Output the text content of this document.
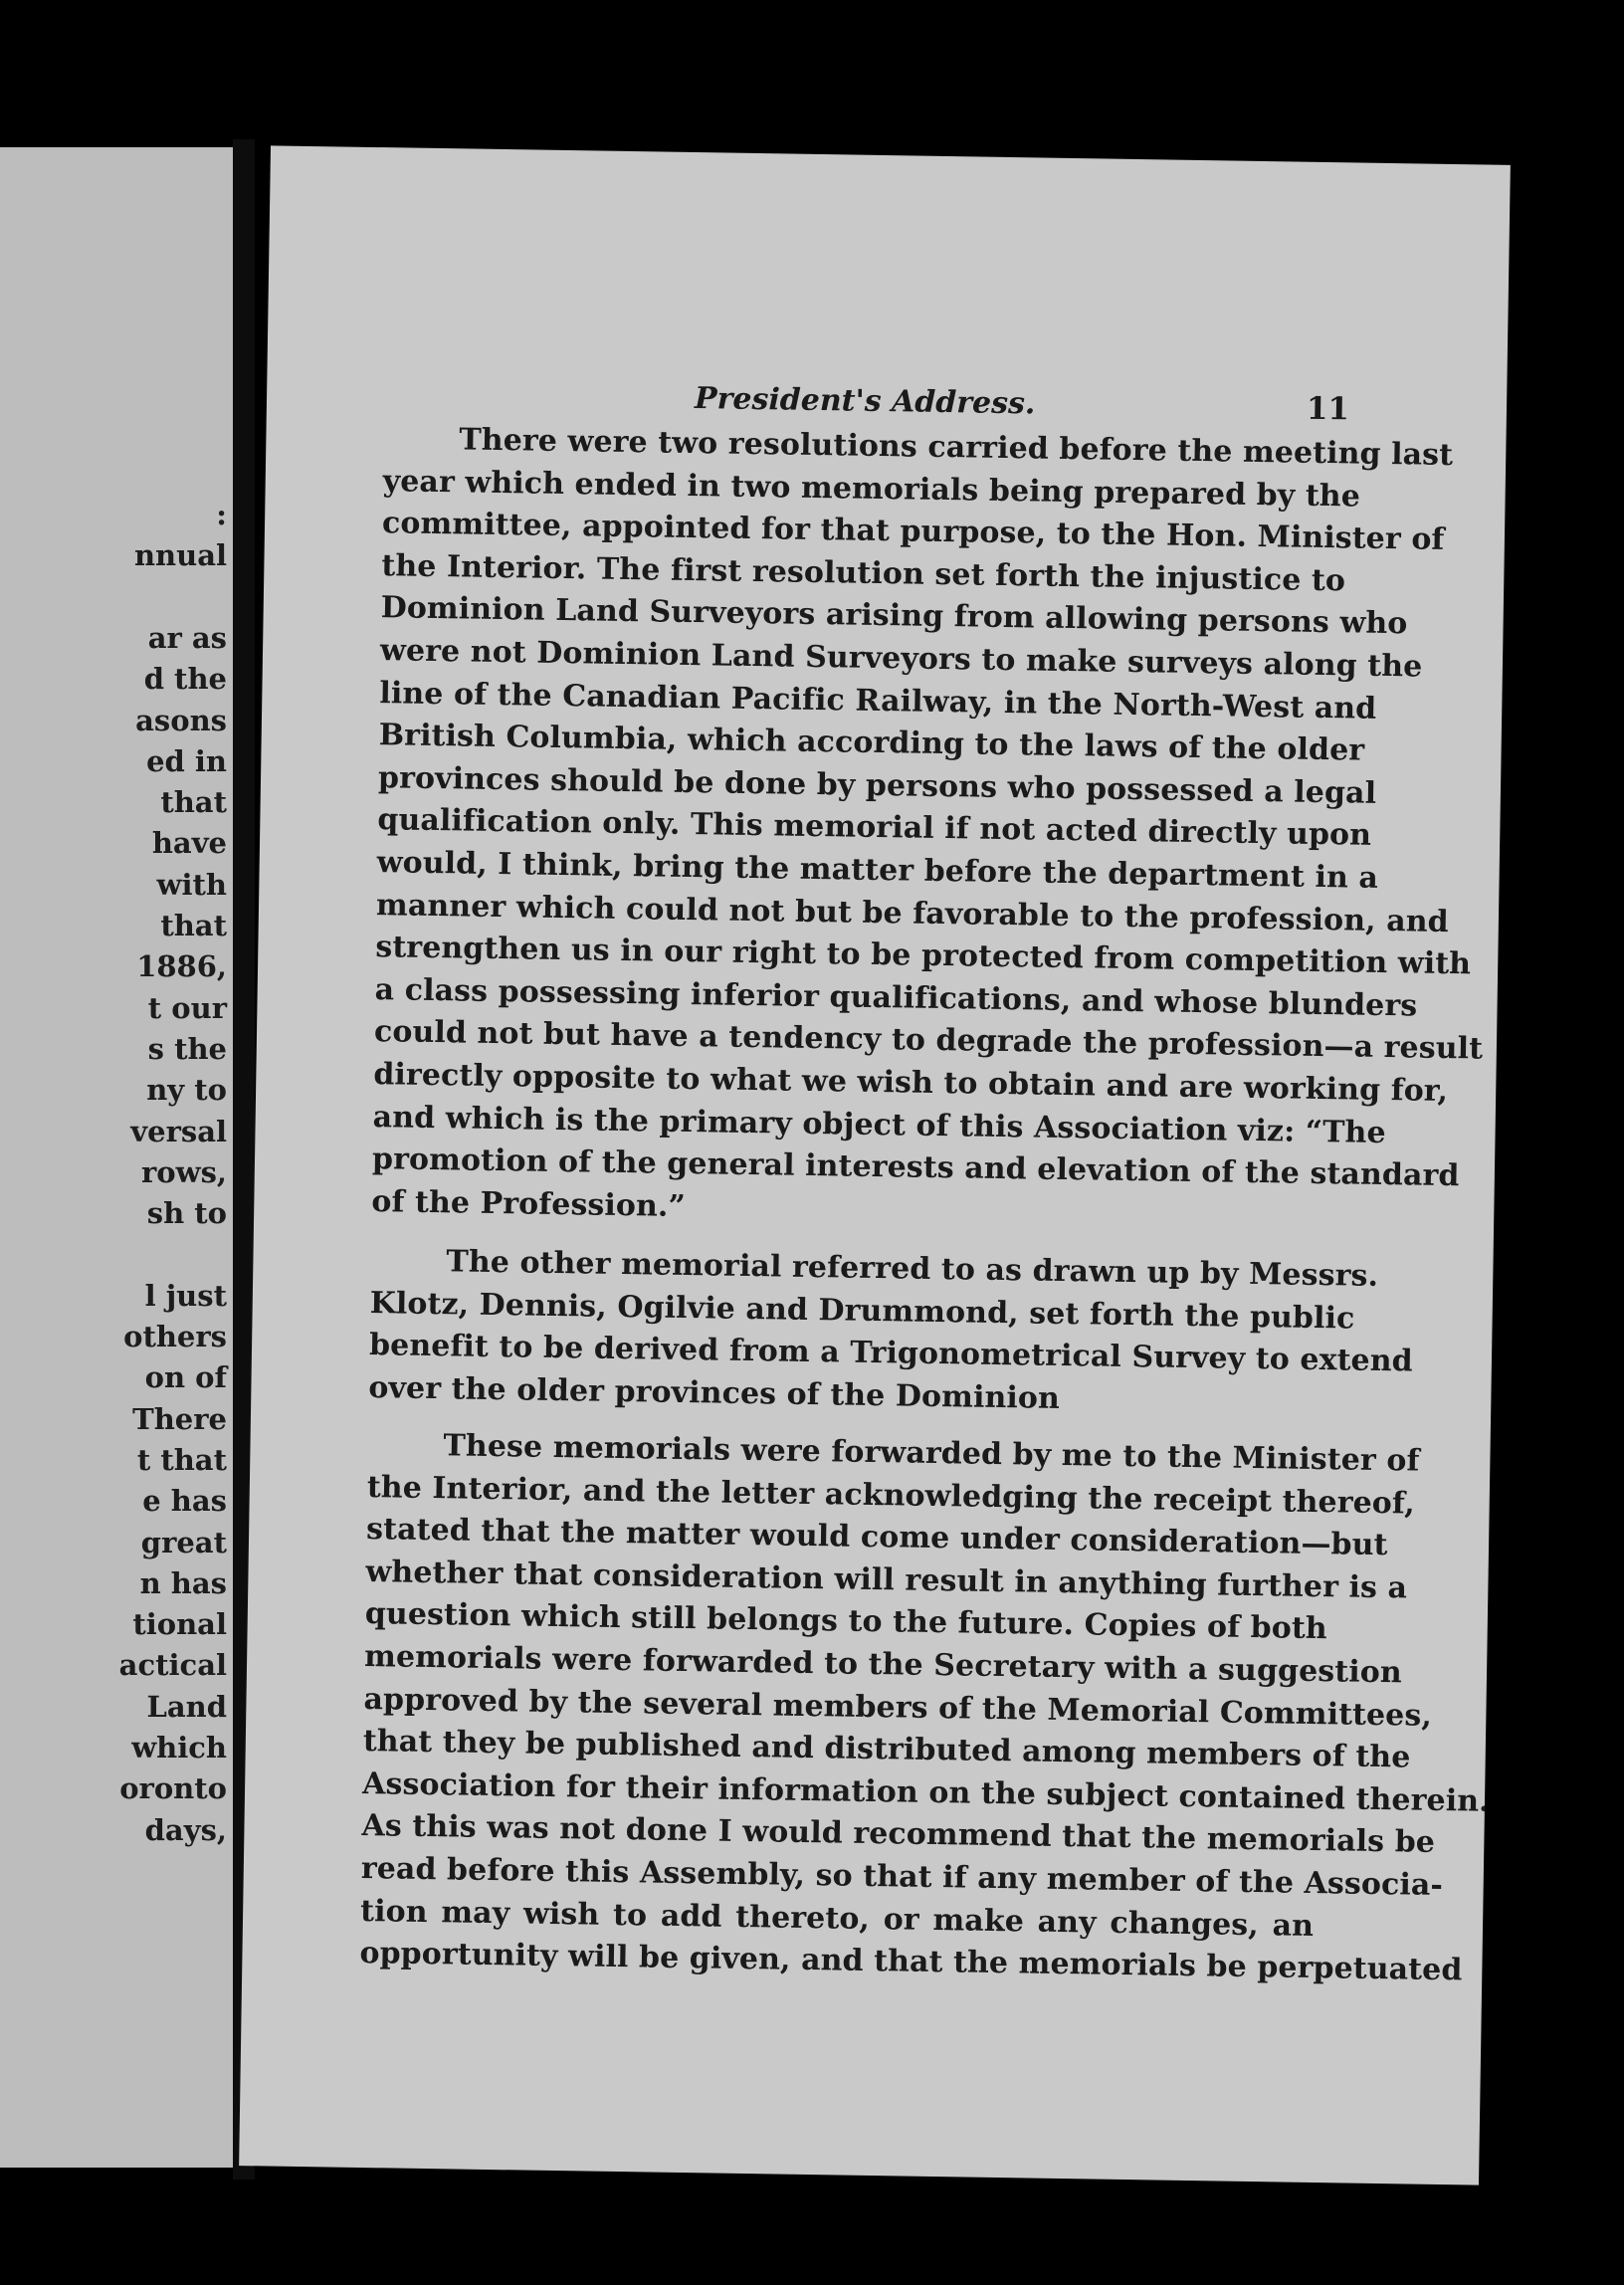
:
nnual
ar as
d the
asons
ed in
that
have
with
that
1886,
t our
s the
ny to
versal
rows,
sh to
l just
others
on of
There
t that
e has
great
n has
tional
actical
Land
which
oronto
days,
President's Address.	11
There were two resolutions carried before the meeting last
year which ended in two memorials being prepared by the
committee, appointed for that purpose, to the Hon. Minister of
the Interior. The first resolution set forth the injustice to
Dominion Land Surveyors arising from allowing persons who
were not Dominion Land Surveyors to make surveys along the
line of the Canadian Pacific Railway, in the North-West and
British Columbia, which according to the laws of the older
provinces should be done by persons who possessed a legal
qualification only. This memorial if not acted directly upon
would, I think, bring the matter before the department in a
manner which could not but be favorable to the profession, and
strengthen us in our right to be protected from competition with
a class possessing inferior qualifications, and whose blunders
could not but have a tendency to degrade the profession—a result
directly opposite to what we wish to obtain and are working for,
and which is the primary object of this Association viz: “The
promotion of the general interests and elevation of the standard
of the Profession.”
The other memorial referred to as drawn up by Messrs.
Klotz, Dennis, Ogilvie and Drummond, set forth the public
benefit to be derived from a Trigonometrical Survey to extend
over the older provinces of the Dominion
These memorials were forwarded by me to the Minister of
the Interior, and the letter acknowledging the receipt thereof,
stated that the matter would come under consideration—but
whether that consideration will result in anything further is a
question which still belongs to the future. Copies of both
memorials were forwarded to the Secretary with a suggestion
approved by the several members of the Memorial Committees,
that they be published and distributed among members of the
Association for their information on the subject contained therein.
As this was not done I would recommend that the memorials be
read before this Assembly, so that if any member of the Associa-
tion may wish to add thereto, or make any changes, an
opportunity will be given, and that the memorials be perpetuated
